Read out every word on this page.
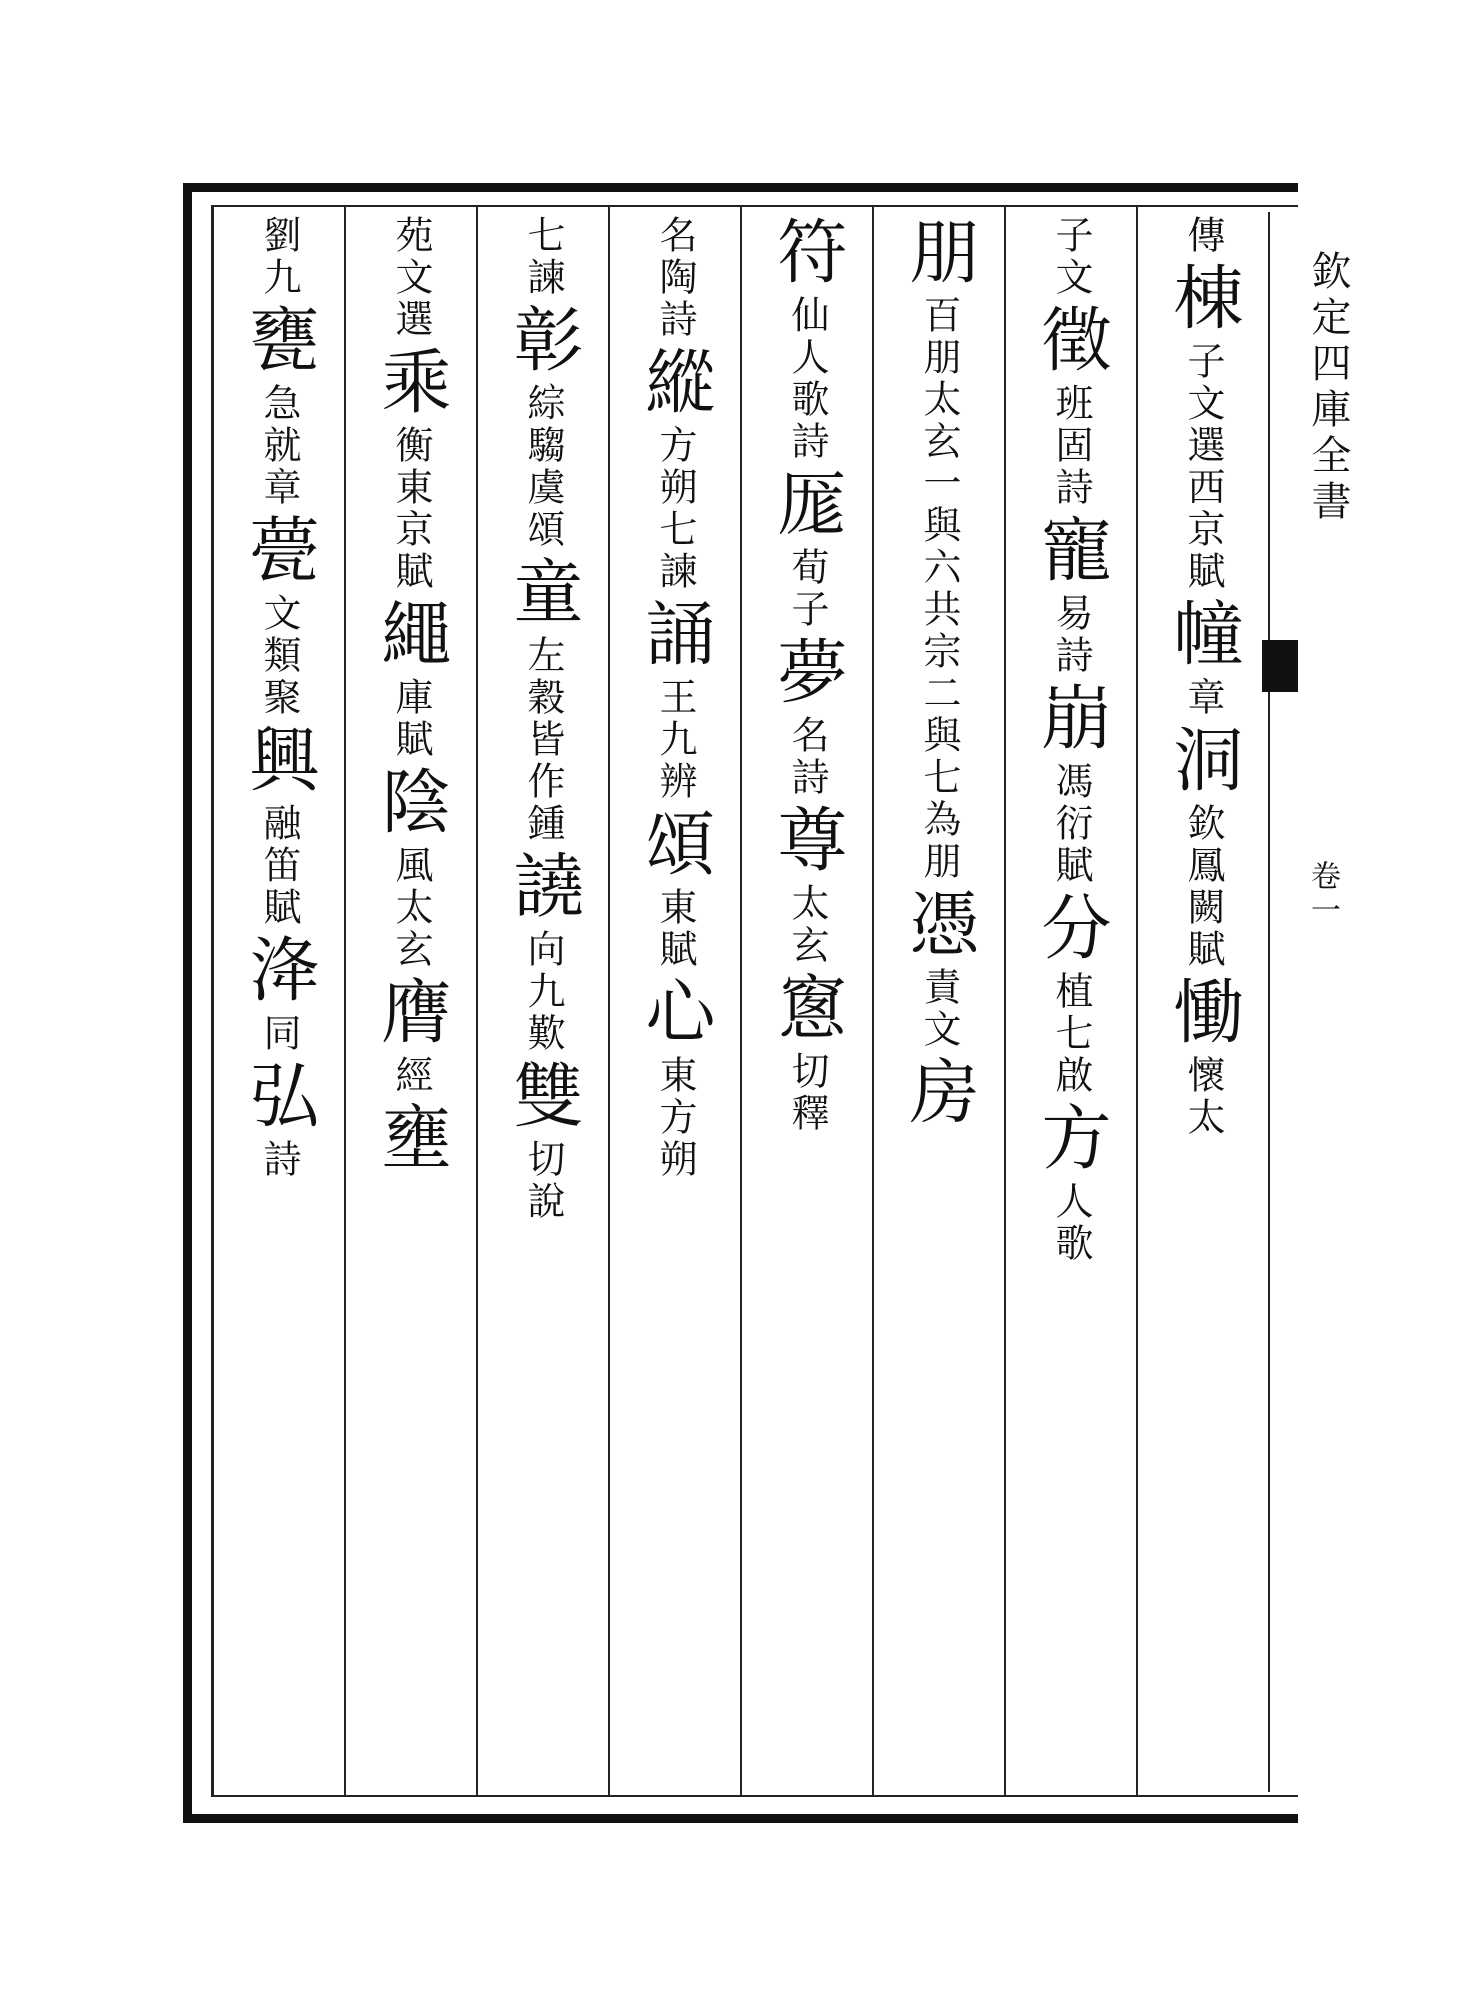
欽定四庫全書
卷一
傳
棟
子文選西京賦
幢
章
洞
欽鳳闕賦
慟
懷太
子文
徵
班固詩
寵
易詩
崩
馮衍賦
分
植七啟
方
人歌
朋
百朋太玄一與六共宗二與七為朋
憑
責文
房
符
仙人歌詩
厖
荀子
夢
名詩
尊
太玄
窻
切釋
名陶詩
縱
方朔七諫
誦
王九辨
頌
東賦
心
東方朔
七諫
彰
綜騶虞頌
童
左穀皆作鍾
譊
向九歎
雙
切說
苑文選
乘
衡東京賦
繩
庫賦
陰
風太玄
膺
經
壅
劉九
甕
急就章
甍
文類聚
興
融笛賦
洚
同
弘
詩
